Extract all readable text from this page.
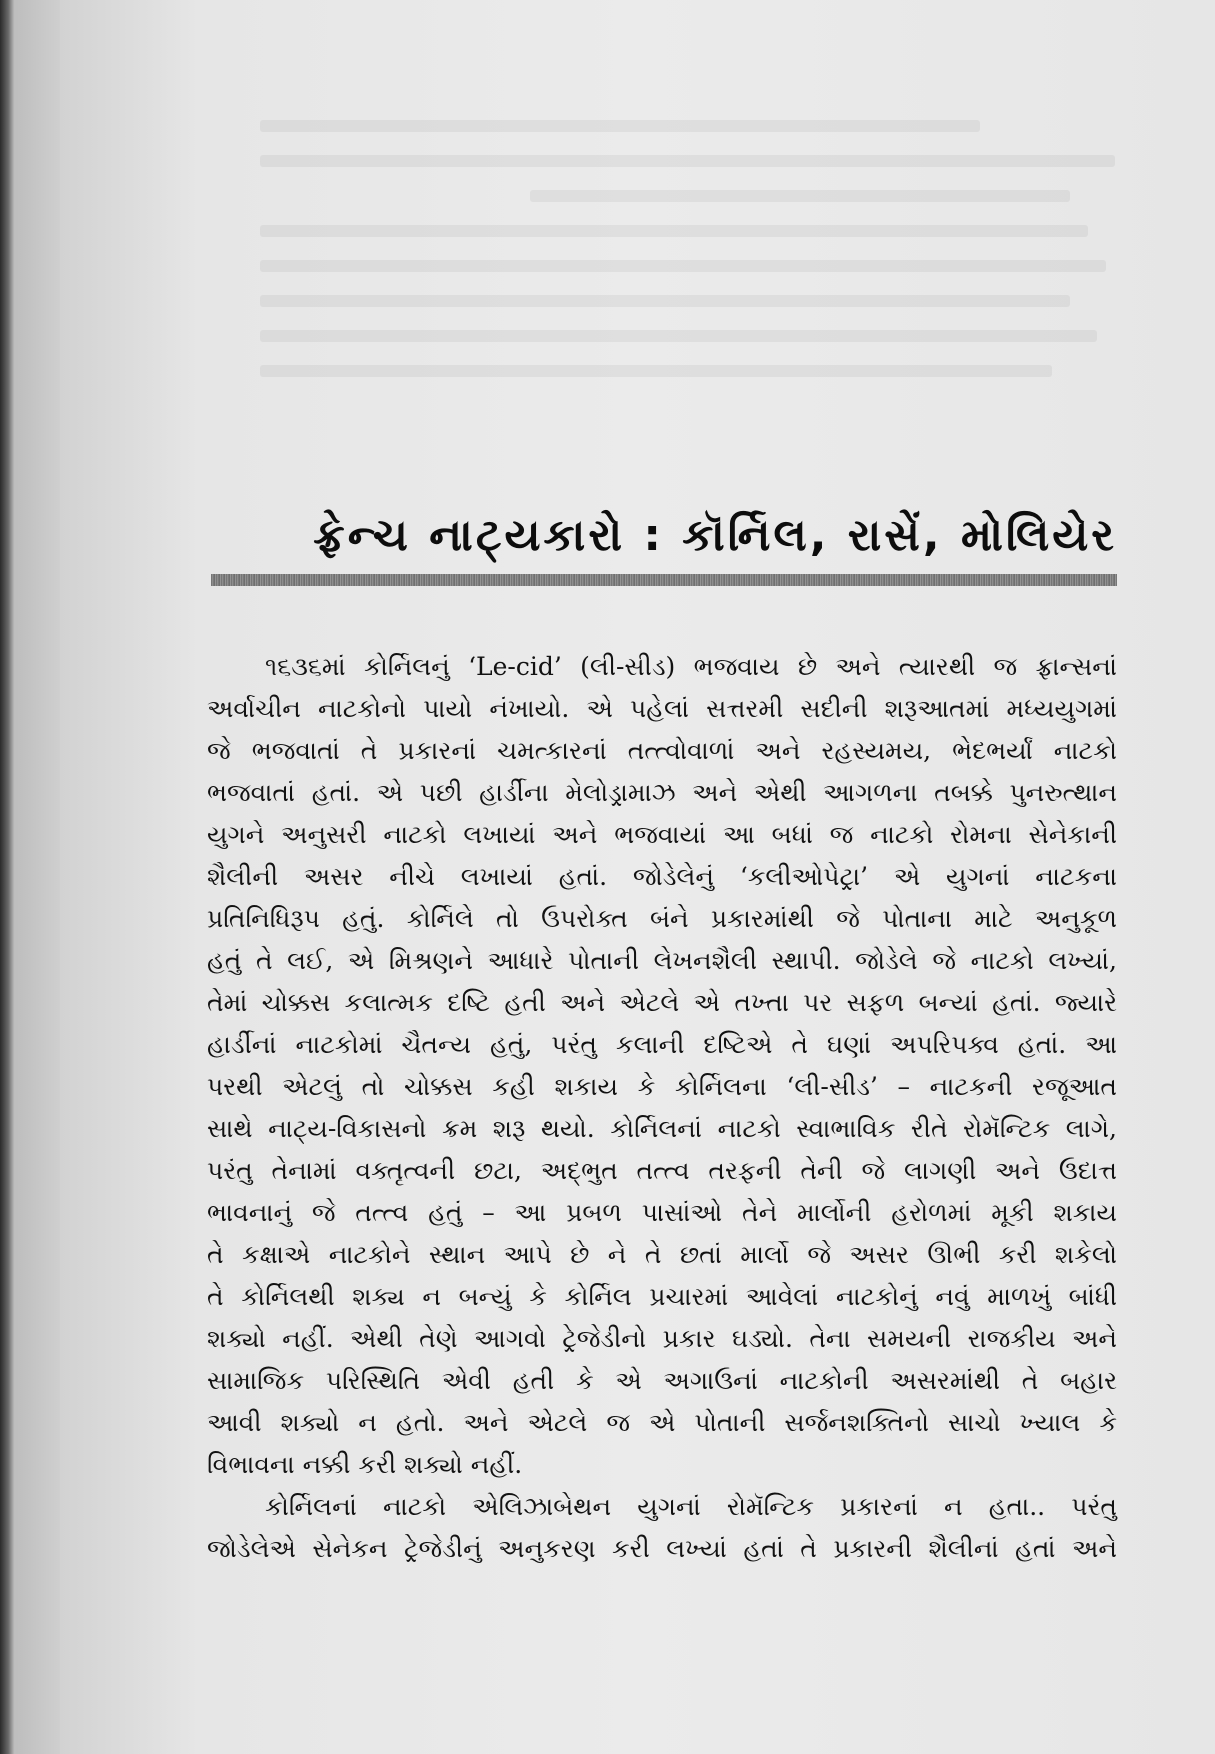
ફ્રેન્ચ નાટ્યકારો : કૉર્નિલ, રાસેં, મોલિયેર
૧૬૩૬માં કોર્નિલનું ‘Le-cid’ (લી-સીડ) ભજવાય છે અને ત્યારથી જ ફ્રાન્સનાં
અર્વાચીન નાટકોનો પાયો નંખાયો. એ પહેલાં સત્તરમી સદીની શરૂઆતમાં મધ્યયુગમાં
જે ભજવાતાં તે પ્રકારનાં ચમત્કારનાં તત્ત્વોવાળાં અને રહસ્યમય, ભેદભર્યાં નાટકો
ભજવાતાં હતાં. એ પછી હાર્ડીના મેલોડ્રામાઝ અને એથી આગળના તબક્કે પુનરુત્થાન
યુગને અનુસરી નાટકો લખાયાં અને ભજવાયાં આ બધાં જ નાટકો રોમના સેનેકાની
શૈલીની અસર નીચે લખાયાં હતાં. જોડેલેનું ‘કલીઓપેટ્રા’ એ યુગનાં નાટકના
પ્રતિનિધિરૂપ હતું. કોર્નિલે તો ઉપરોક્ત બંને પ્રકારમાંથી જે પોતાના માટે અનુકૂળ
હતું તે લઈ, એ મિશ્રણને આધારે પોતાની લેખનશૈલી સ્થાપી. જોડેલે જે નાટકો લખ્યાં,
તેમાં ચોક્કસ કલાત્મક દષ્ટિ હતી અને એટલે એ તખ્તા પર સફળ બન્યાં હતાં. જ્યારે
હાર્ડીનાં નાટકોમાં ચૈતન્ય હતું, પરંતુ કલાની દષ્ટિએ તે ઘણાં અપરિપક્વ હતાં. આ
પરથી એટલું તો ચોક્કસ કહી શકાય કે કોર્નિલના ‘લી-સીડ’ – નાટકની રજૂઆત
સાથે નાટ્ય-વિકાસનો ક્રમ શરૂ થયો. કોર્નિલનાં નાટકો સ્વાભાવિક રીતે રોમૅન્ટિક લાગે,
પરંતુ તેનામાં વક્તૃત્વની છટા, અદ્‌ભુત તત્ત્વ તરફની તેની જે લાગણી અને ઉદાત્ત
ભાવનાનું જે તત્ત્વ હતું – આ પ્રબળ પાસાંઓ તેને માર્લોની હરોળમાં મૂકી શકાય
તે કક્ષાએ નાટકોને સ્થાન આપે છે ને તે છતાં માર્લો જે અસર ઊભી કરી શકેલો
તે કોર્નિલથી શક્ય ન બન્યું કે કોર્નિલ પ્રચારમાં આવેલાં નાટકોનું નવું માળખું બાંધી
શક્યો નહીં. એથી તેણે આગવો ટ્રેજેડીનો પ્રકાર ઘડ્યો. તેના સમયની રાજકીય અને
સામાજિક પરિસ્થિતિ એવી હતી કે એ અગાઉનાં નાટકોની અસરમાંથી તે બહાર
આવી શક્યો ન હતો. અને એટલે જ એ પોતાની સર્જનશક્તિનો સાચો ખ્યાલ કે
વિભાવના નક્કી કરી શક્યો નહીં.
કોર્નિલનાં નાટકો એલિઝાબેથન યુગનાં રોમૅન્ટિક પ્રકારનાં ન હતા.. પરંતુ
જોડેલેએ સેનેકન ટ્રેજેડીનું અનુકરણ કરી લખ્યાં હતાં તે પ્રકારની શૈલીનાં હતાં અને
